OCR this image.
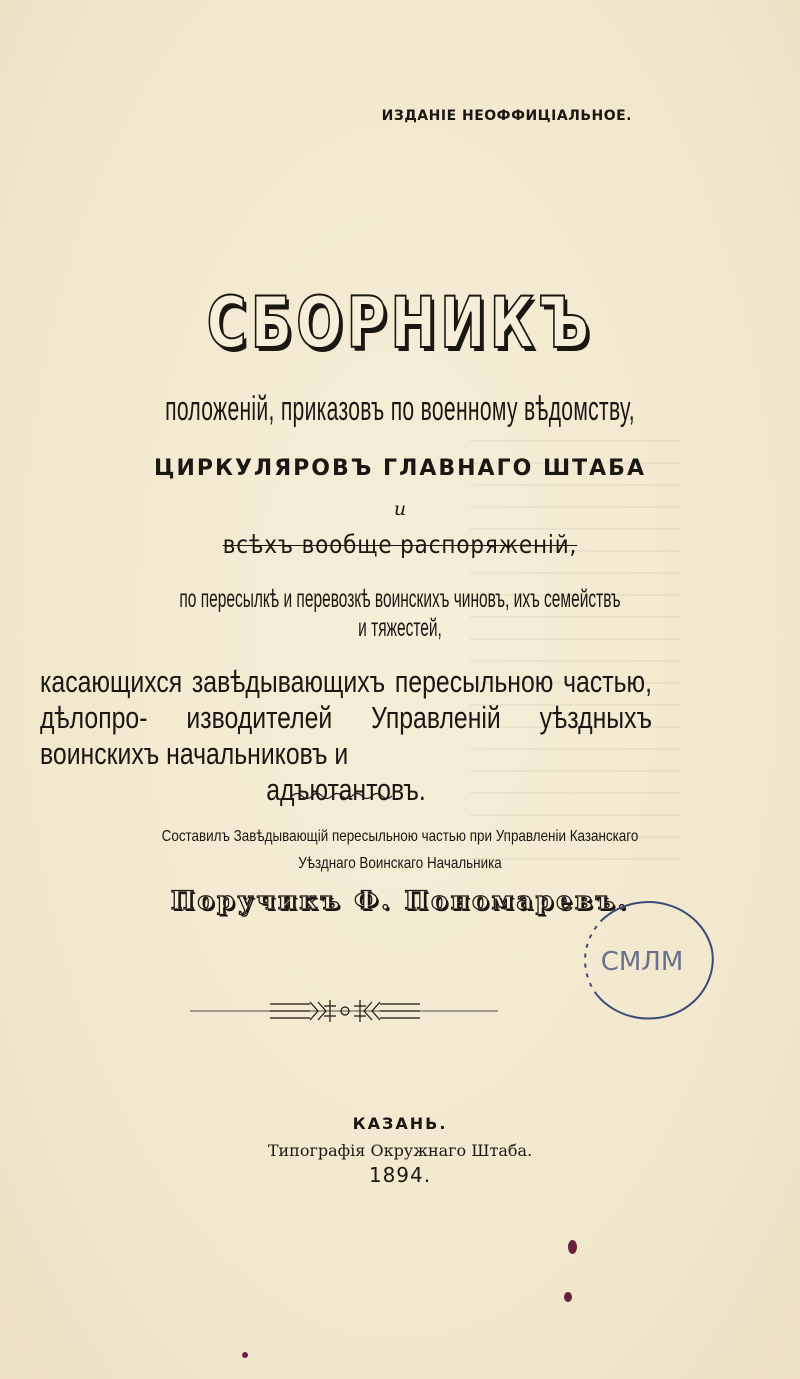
ИЗДАНІЕ НЕОФФИЦІАЛЬНОЕ.
СБОРНИКЪ
положеній, приказовъ по военному вѣдомству,
ЦИРКУЛЯРОВЪ ГЛАВНАГО ШТАБА
и
всѣхъ вообще распоряженій,
по пересылкѣ и перевозкѣ воинскихъ чиновъ, ихъ семействъ
и тяжестей,
касающихся завѣдывающихъ пересыльною частью, дѣлопро- изводителей Управленій уѣздныхъ воинскихъ начальниковъ и
адъютантовъ.
Составилъ Завѣдывающій пересыльною частью при Управленіи Казанскаго
Уѣзднаго Воинскаго Начальника
Поручикъ Ф. Пономаревъ.
КАЗАНЬ.
Типографія Окружнаго Штаба.
1894.
СМЛМ
